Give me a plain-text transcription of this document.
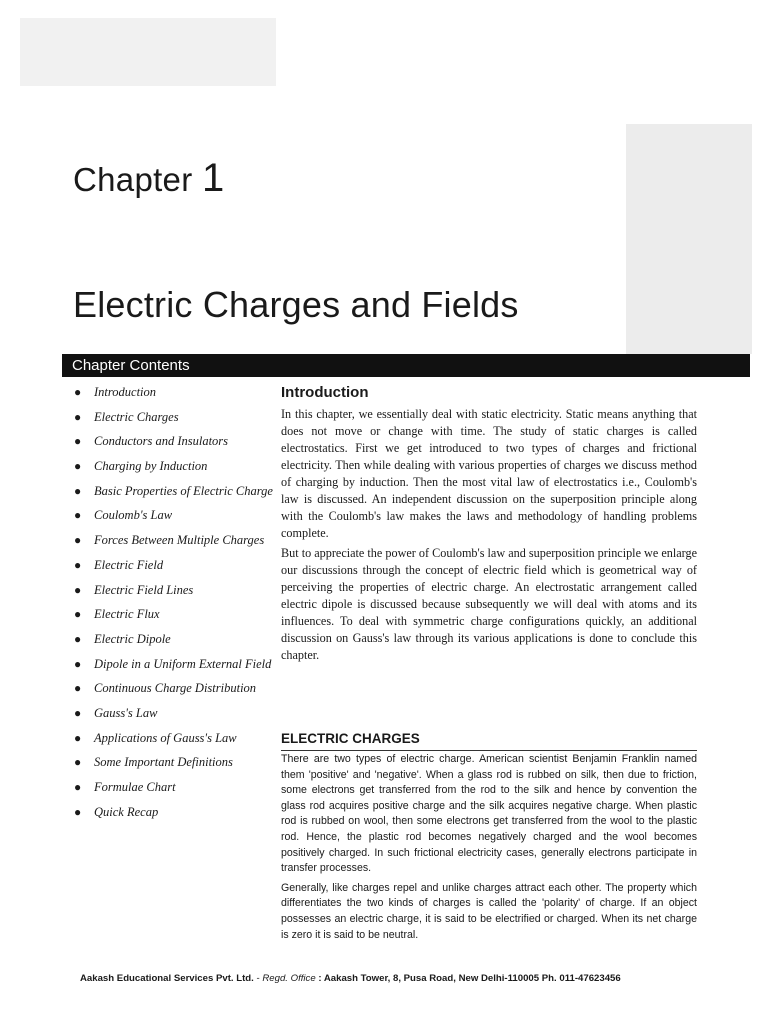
Chapter 1
Electric Charges and Fields
Chapter Contents
● Introduction
● Electric Charges
● Conductors and Insulators
● Charging by Induction
● Basic Properties of Electric Charge
● Coulomb's Law
● Forces Between Multiple Charges
● Electric Field
● Electric Field Lines
● Electric Flux
● Electric Dipole
● Dipole in a Uniform External Field
● Continuous Charge Distribution
● Gauss's Law
● Applications of Gauss's Law
● Some Important Definitions
● Formulae Chart
● Quick Recap
Introduction

In this chapter, we essentially deal with static electricity. Static means anything that does not move or change with time. The study of static charges is called electrostatics. First we get introduced to two types of charges and frictional electricity. Then while dealing with various properties of charges we discuss method of charging by induction. Then the most vital law of electrostatics i.e., Coulomb's law is discussed. An independent discussion on the superposition principle along with the Coulomb's law makes the laws and methodology of handling problems complete.

But to appreciate the power of Coulomb's law and superposition principle we enlarge our discussions through the concept of electric field which is geometrical way of perceiving the properties of electric charge. An electrostatic arrangement called electric dipole is discussed because subsequently we will deal with atoms and its influences. To deal with symmetric charge configurations quickly, an additional discussion on Gauss's law through its various applications is done to conclude this chapter.

ELECTRIC CHARGES

There are two types of electric charge. American scientist Benjamin Franklin named them 'positive' and 'negative'. When a glass rod is rubbed on silk, then due to friction, some electrons get transferred from the rod to the silk and hence by convention the glass rod acquires positive charge and the silk acquires negative charge. When plastic rod is rubbed on wool, then some electrons get transferred from the wool to the plastic rod. Hence, the plastic rod becomes negatively charged and the wool becomes positively charged. In such frictional electricity cases, generally electrons participate in transfer processes.

Generally, like charges repel and unlike charges attract each other. The property which differentiates the two kinds of charges is called the 'polarity' of charge. If an object possesses an electric charge, it is said to be electrified or charged. When its net charge is zero it is said to be neutral.

Aakash Educational Services Pvt. Ltd. - Regd. Office : Aakash Tower, 8, Pusa Road, New Delhi-110005 Ph. 011-47623456
